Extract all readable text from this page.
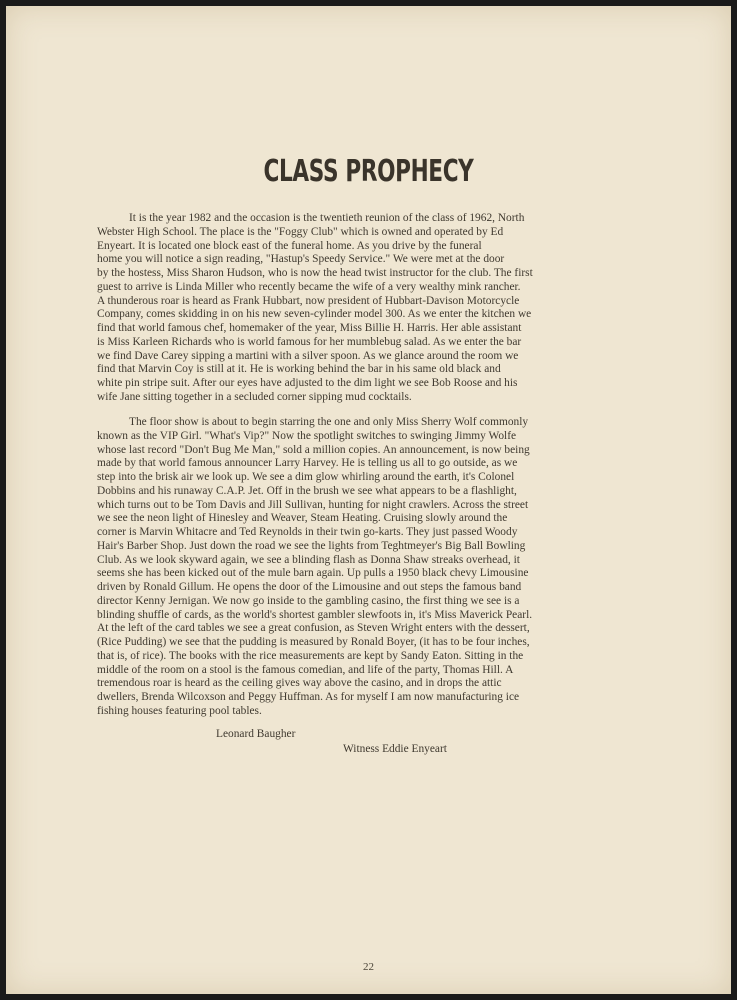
CLASS PROPHECY
It is the year 1982 and the occasion is the twentieth reunion of the class of 1962, North
Webster High School. The place is the "Foggy Club" which is owned and operated by Ed
Enyeart. It is located one block east of the funeral home. As you drive by the funeral
home you will notice a sign reading, "Hastup's Speedy Service." We were met at the door
by the hostess, Miss Sharon Hudson, who is now the head twist instructor for the club. The first
guest to arrive is Linda Miller who recently became the wife of a very wealthy mink rancher.
A thunderous roar is heard as Frank Hubbart, now president of Hubbart-Davison Motorcycle
Company, comes skidding in on his new seven-cylinder model 300. As we enter the kitchen we
find that world famous chef, homemaker of the year, Miss Billie H. Harris. Her able assistant
is Miss Karleen Richards who is world famous for her mumblebug salad. As we enter the bar
we find Dave Carey sipping a martini with a silver spoon. As we glance around the room we
find that Marvin Coy is still at it. He is working behind the bar in his same old black and
white pin stripe suit. After our eyes have adjusted to the dim light we see Bob Roose and his
wife Jane sitting together in a secluded corner sipping mud cocktails.
The floor show is about to begin starring the one and only Miss Sherry Wolf commonly
known as the VIP Girl. "What's Vip?" Now the spotlight switches to swinging Jimmy Wolfe
whose last record "Don't Bug Me Man," sold a million copies. An announcement, is now being
made by that world famous announcer Larry Harvey. He is telling us all to go outside, as we
step into the brisk air we look up. We see a dim glow whirling around the earth, it's Colonel
Dobbins and his runaway C.A.P. Jet. Off in the brush we see what appears to be a flashlight,
which turns out to be Tom Davis and Jill Sullivan, hunting for night crawlers. Across the street
we see the neon light of Hinesley and Weaver, Steam Heating. Cruising slowly around the
corner is Marvin Whitacre and Ted Reynolds in their twin go-karts. They just passed Woody
Hair's Barber Shop. Just down the road we see the lights from Teghtmeyer's Big Ball Bowling
Club. As we look skyward again, we see a blinding flash as Donna Shaw streaks overhead, it
seems she has been kicked out of the mule barn again. Up pulls a 1950 black chevy Limousine
driven by Ronald Gillum. He opens the door of the Limousine and out steps the famous band
director Kenny Jernigan. We now go inside to the gambling casino, the first thing we see is a
blinding shuffle of cards, as the world's shortest gambler slewfoots in, it's Miss Maverick Pearl.
At the left of the card tables we see a great confusion, as Steven Wright enters with the dessert,
(Rice Pudding) we see that the pudding is measured by Ronald Boyer, (it has to be four inches,
that is, of rice). The books with the rice measurements are kept by Sandy Eaton. Sitting in the
middle of the room on a stool is the famous comedian, and life of the party, Thomas Hill. A
tremendous roar is heard as the ceiling gives way above the casino, and in drops the attic
dwellers, Brenda Wilcoxson and Peggy Huffman. As for myself I am now manufacturing ice
fishing houses featuring pool tables.
Leonard Baugher
Witness Eddie Enyeart
22
